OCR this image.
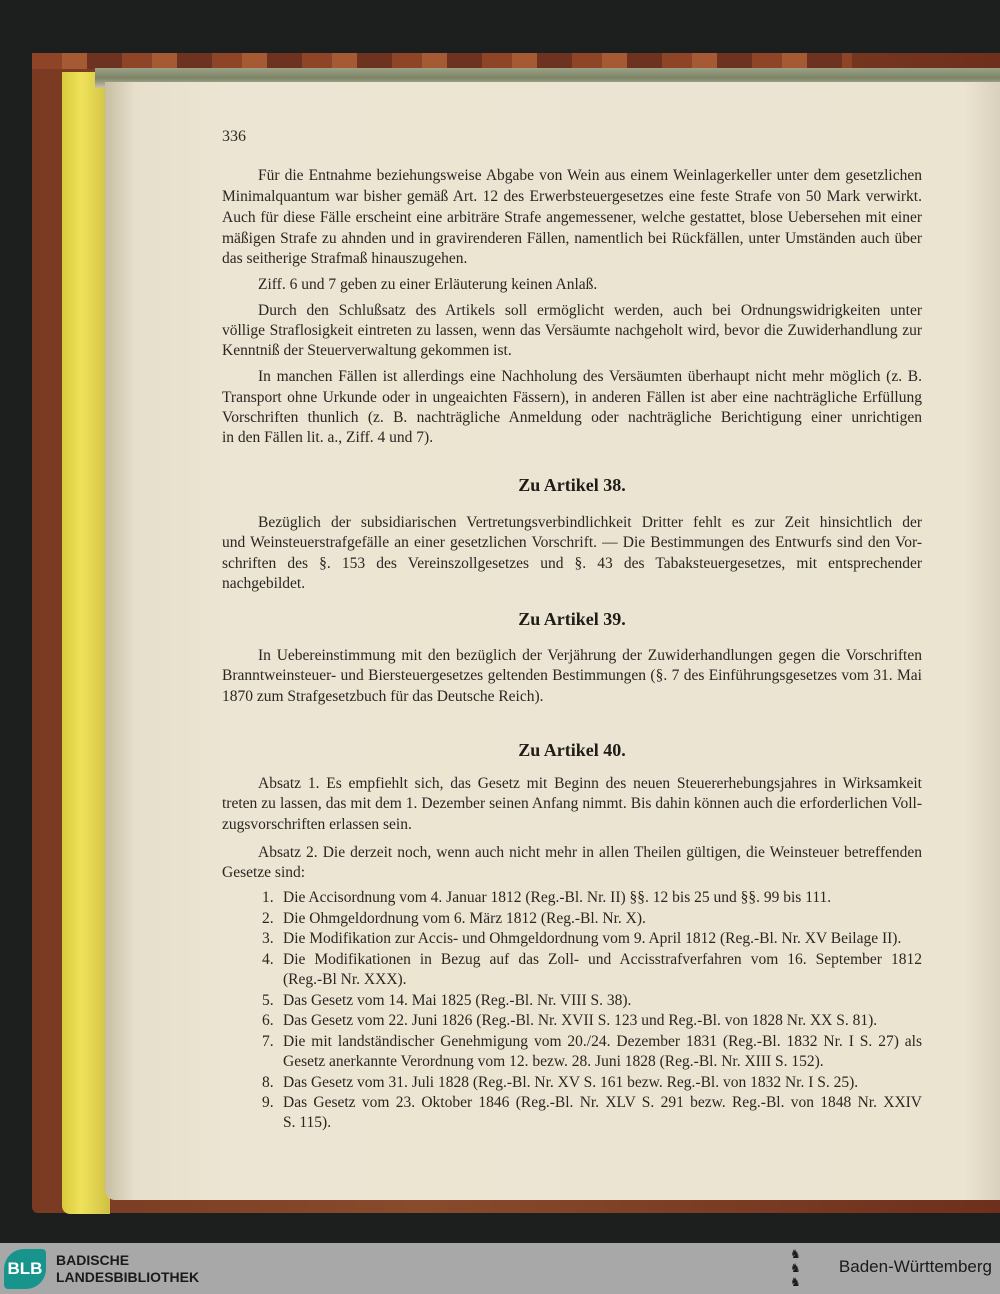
336
Für die Entnahme beziehungsweise Abgabe von Wein aus einem Weinlagerkeller unter dem gesetzlichen
Minimalquantum war bisher gemäß Art. 12 des Erwerbsteuergesetzes eine feste Strafe von 50 Mark verwirkt.
Auch für diese Fälle erscheint eine arbiträre Strafe angemessener, welche gestattet, blose Uebersehen mit einer
mäßigen Strafe zu ahnden und in gravirenderen Fällen, namentlich bei Rückfällen, unter Umständen auch über
das seitherige Strafmaß hinauszugehen.
Ziff. 6 und 7 geben zu einer Erläuterung keinen Anlaß.
Durch den Schlußsatz des Artikels soll ermöglicht werden, auch bei Ordnungswidrigkeiten unter
völlige Straflosigkeit eintreten zu lassen, wenn das Versäumte nachgeholt wird, bevor die Zuwiderhandlung zur
Kenntniß der Steuerverwaltung gekommen ist.
In manchen Fällen ist allerdings eine Nachholung des Versäumten überhaupt nicht mehr möglich (z. B.
Transport ohne Urkunde oder in ungeaichten Fässern), in anderen Fällen ist aber eine nachträgliche Erfüllung
Vorschriften thunlich (z. B. nachträgliche Anmeldung oder nachträgliche Berichtigung einer unrichtigen
in den Fällen lit. a., Ziff. 4 und 7).
Zu Artikel 38.
Bezüglich der subsidiarischen Vertretungsverbindlichkeit Dritter fehlt es zur Zeit hinsichtlich der
und Weinsteuerstrafgefälle an einer gesetzlichen Vorschrift. — Die Bestimmungen des Entwurfs sind den Vor-
schriften des §. 153 des Vereinszollgesetzes und §. 43 des Tabaksteuergesetzes, mit entsprechender
nachgebildet.
Zu Artikel 39.
In Uebereinstimmung mit den bezüglich der Verjährung der Zuwiderhandlungen gegen die Vorschriften
Branntweinsteuer- und Biersteuergesetzes geltenden Bestimmungen (§. 7 des Einführungsgesetzes vom 31. Mai
1870 zum Strafgesetzbuch für das Deutsche Reich).
Zu Artikel 40.
Absatz 1. Es empfiehlt sich, das Gesetz mit Beginn des neuen Steuererhebungsjahres in Wirksamkeit
treten zu lassen, das mit dem 1. Dezember seinen Anfang nimmt. Bis dahin können auch die erforderlichen Voll-
zugsvorschriften erlassen sein.
Absatz 2. Die derzeit noch, wenn auch nicht mehr in allen Theilen gültigen, die Weinsteuer betreffenden
Gesetze sind:
1. Die Accisordnung vom 4. Januar 1812 (Reg.-Bl. Nr. II) §§. 12 bis 25 und §§. 99 bis 111.
2. Die Ohmgeldordnung vom 6. März 1812 (Reg.-Bl. Nr. X).
3. Die Modifikation zur Accis- und Ohmgeldordnung vom 9. April 1812 (Reg.-Bl. Nr. XV Beilage II).
4. Die Modifikationen in Bezug auf das Zoll- und Accisstrafverfahren vom 16. September 1812
(Reg.-Bl Nr. XXX).
5. Das Gesetz vom 14. Mai 1825 (Reg.-Bl. Nr. VIII S. 38).
6. Das Gesetz vom 22. Juni 1826 (Reg.-Bl. Nr. XVII S. 123 und Reg.-Bl. von 1828 Nr. XX S. 81).
7. Die mit landständischer Genehmigung vom 20./24. Dezember 1831 (Reg.-Bl. 1832 Nr. I S. 27) als
Gesetz anerkannte Verordnung vom 12. bezw. 28. Juni 1828 (Reg.-Bl. Nr. XIII S. 152).
8. Das Gesetz vom 31. Juli 1828 (Reg.-Bl. Nr. XV S. 161 bezw. Reg.-Bl. von 1832 Nr. I S. 25).
9. Das Gesetz vom 23. Oktober 1846 (Reg.-Bl. Nr. XLV S. 291 bezw. Reg.-Bl. von 1848 Nr. XXIV
S. 115).
BLB BADISCHE
LANDESBIBLIOTHEK
♞
♞
♞
Baden-Württemberg
